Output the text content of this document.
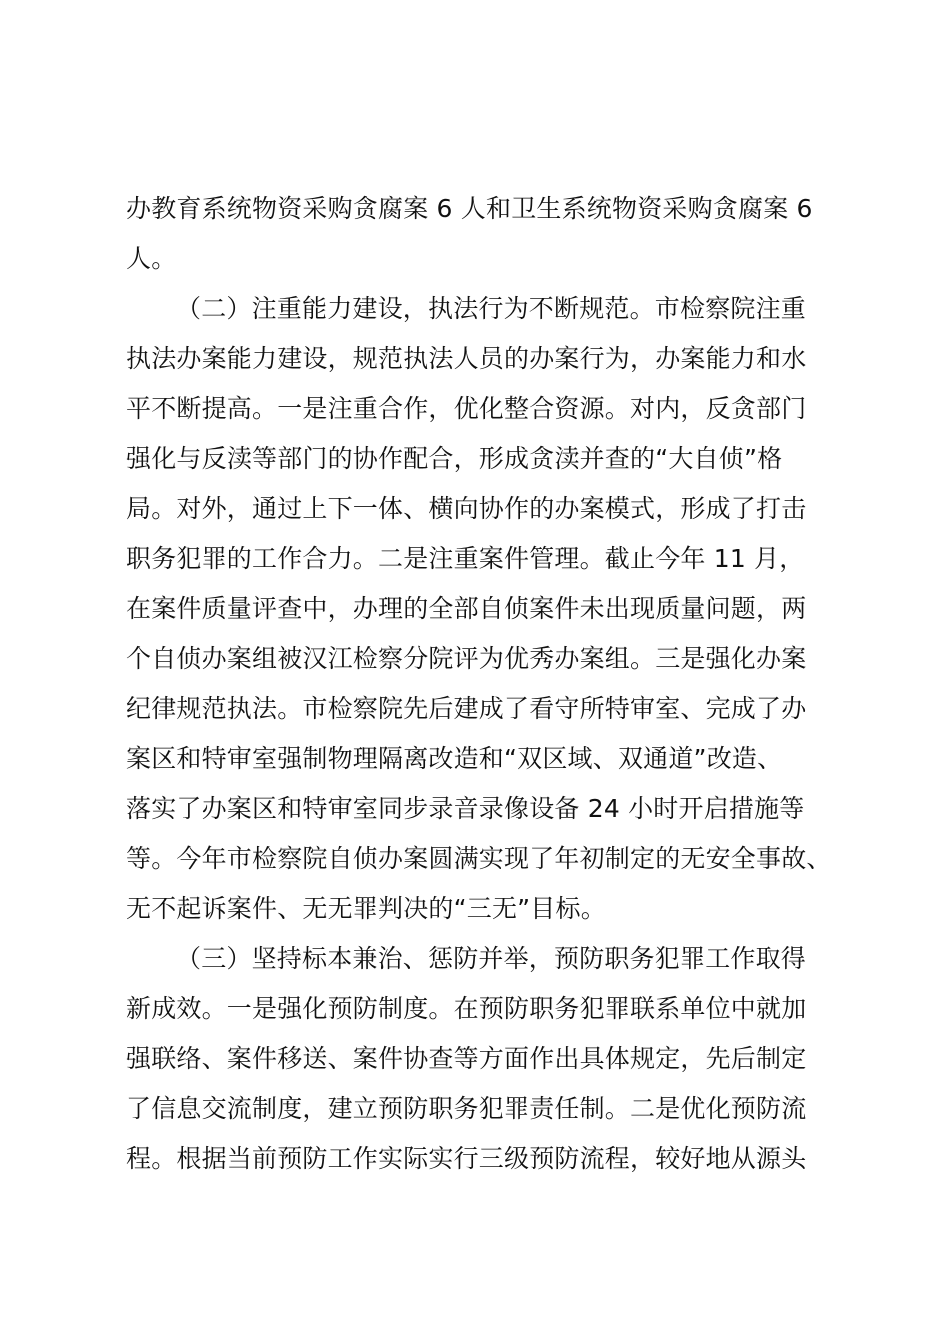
办教育系统物资采购贪腐案 6 人和卫生系统物资采购贪腐案 6
人。
（二）注重能力建设，执法行为不断规范。市检察院注重
执法办案能力建设，规范执法人员的办案行为，办案能力和水
平不断提高。一是注重合作，优化整合资源。对内，反贪部门
强化与反渎等部门的协作配合，形成贪渎并查的“大自侦”格
局。对外，通过上下一体、横向协作的办案模式，形成了打击
职务犯罪的工作合力。二是注重案件管理。截止今年 11 月，
在案件质量评查中，办理的全部自侦案件未出现质量问题，两
个自侦办案组被汉江检察分院评为优秀办案组。三是强化办案
纪律规范执法。市检察院先后建成了看守所特审室、完成了办
案区和特审室强制物理隔离改造和“双区域、双通道”改造、
落实了办案区和特审室同步录音录像设备 24 小时开启措施等
等。今年市检察院自侦办案圆满实现了年初制定的无安全事故、
无不起诉案件、无无罪判决的“三无”目标。
（三）坚持标本兼治、惩防并举，预防职务犯罪工作取得
新成效。一是强化预防制度。在预防职务犯罪联系单位中就加
强联络、案件移送、案件协查等方面作出具体规定，先后制定
了信息交流制度，建立预防职务犯罪责任制。二是优化预防流
程。根据当前预防工作实际实行三级预防流程，较好地从源头
